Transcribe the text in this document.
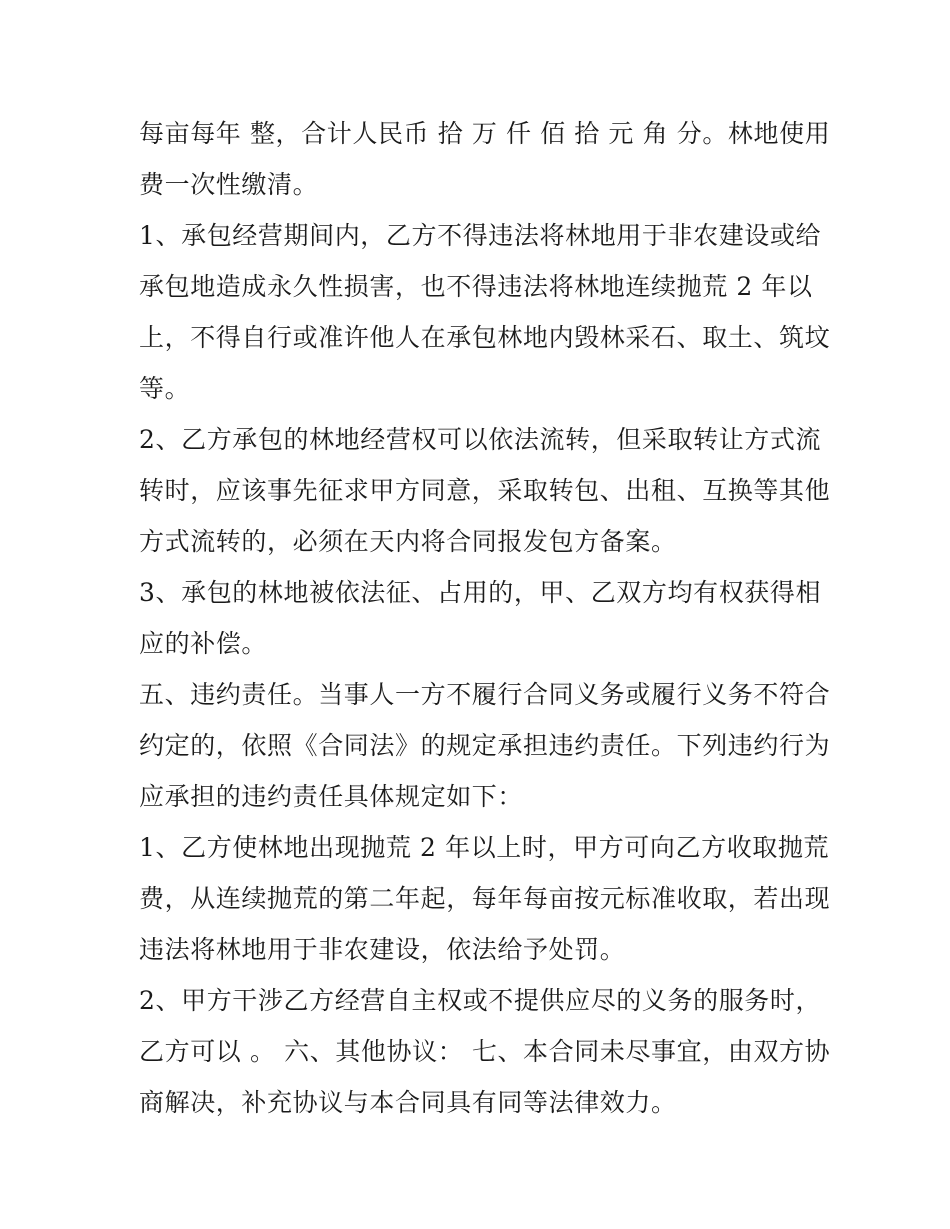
每亩每年 整，合计人民币 拾 万 仟 佰 拾 元 角 分。林地使用
费一次性缴清。
1、承包经营期间内，乙方不得违法将林地用于非农建设或给
承包地造成永久性损害，也不得违法将林地连续抛荒 2 年以
上，不得自行或准许他人在承包林地内毁林采石、取土、筑坟
等。
2、乙方承包的林地经营权可以依法流转，但采取转让方式流
转时，应该事先征求甲方同意，采取转包、出租、互换等其他
方式流转的，必须在天内将合同报发包方备案。
3、承包的林地被依法征、占用的，甲、乙双方均有权获得相
应的补偿。
五、违约责任。当事人一方不履行合同义务或履行义务不符合
约定的，依照《合同法》的规定承担违约责任。下列违约行为
应承担的违约责任具体规定如下：
1、乙方使林地出现抛荒 2 年以上时，甲方可向乙方收取抛荒
费，从连续抛荒的第二年起，每年每亩按元标准收取，若出现
违法将林地用于非农建设，依法给予处罚。
2、甲方干涉乙方经营自主权或不提供应尽的义务的服务时，
乙方可以 。 六、其他协议： 七、本合同未尽事宜，由双方协
商解决，补充协议与本合同具有同等法律效力。
